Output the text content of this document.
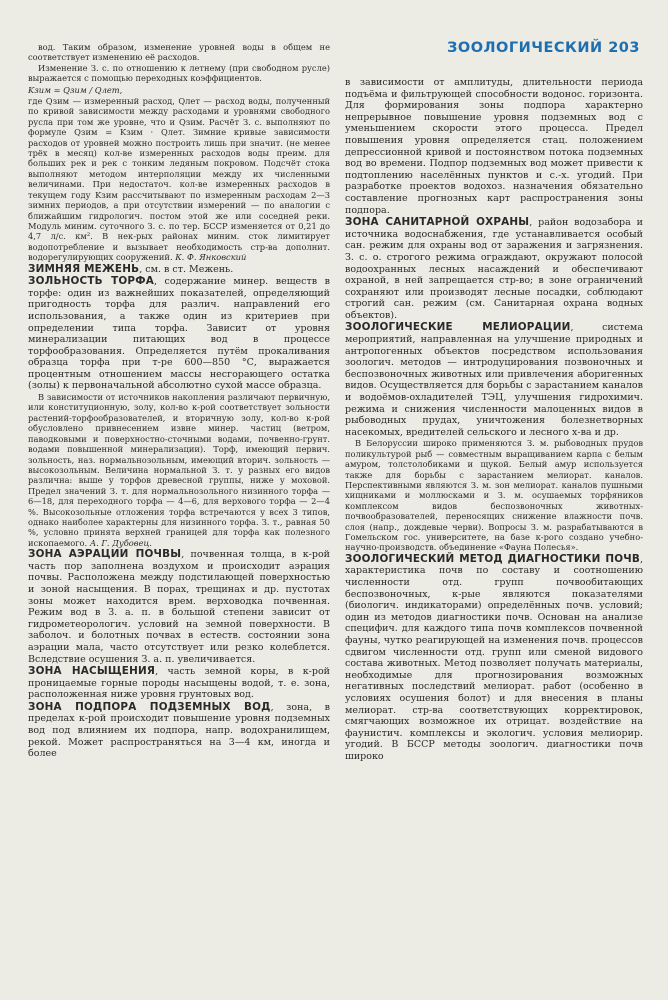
ЗООЛОГИЧЕСКИЙ 203

вод. Таким образом, изменение уровней воды в общем не соответствует изменению её расходов.

Изменение З. с. по отношению к летнему (при свободном русле) выражается с помощью переходных коэффициентов.
Kзим = Qзим / Qлет,
где Qзим — измеренный расход, Qлет — расход воды, полученный по кривой зависимости между расходами и уровнями свободного русла при том же уровне, что и Qзим. Расчёт З. с. выполняют по формуле Qзим = Kзим · Qлет. Зимние кривые зависимости расходов от уровней можно построить лишь при значит. (не менее трёх в месяц) кол-ве измеренных расходов воды преим. для больших рек и рек с тонким ледяным покровом. Подсчёт стока выполняют методом интерполяции между их численными величинами. При недостаточ. кол-ве измеренных расходов в текущем году Kзим рассчитывают по измеренным расходам 2—3 зимних периодов, а при отсутствии измерений — по аналогии с ближайшим гидрологич. постом этой же или соседней реки. Модуль миним. суточного З. с. по тер. БССР изменяется от 0,21 до 4,7 л/с. км². В нек-рых районах миним. сток лимитирует водопотребление и вызывает необходимость стр-ва дополнит. водорегулирующих сооружений. К. Ф. Янковский

ЗИМНЯЯ МЕЖЕНЬ, см. в ст. Межень.

ЗОЛЬНОСТЬ ТОРФА, содержание минер. веществ в торфе: один из важнейших показателей, определяющий пригодность торфа для различ. направлений его использования, а также один из критериев при определении типа торфа. Зависит от уровня минерализации питающих вод в процессе торфообразования. Определяется путём прокаливания образца торфа при т-ре 600—850 °С, выражается процентным отношением массы несгорающего остатка (золы) к первоначальной абсолютно сухой массе образца.

В зависимости от источников накопления различают первичную, или конституционную, золу, кол-во к-рой соответствует зольности растений-торфообразователей, и вторичную золу, кол-во к-рой обусловлено привнесением извне минер. частиц (ветром, паводковыми и поверхностно-сточными водами, почвенно-грунт. водами повышенной минерализации). Торф, имеющий первич. зольность, наз. нормальнозольным, имеющий вторич. зольность — высокозольным. Величина нормальной З. т. у разных его видов различна: выше у торфов древесной группы, ниже у моховой. Предел значений З. т. для нормальнозольного низинного торфа — 6—18, для переходного торфа — 4—6, для верхового торфа — 2—4 %. Высокозольные отложения торфа встречаются у всех 3 типов, однако наиболее характерны для низинного торфа. З. т., равная 50 %, условно принята верхней границей для торфа как полезного ископаемого. А. Г. Дубовец.

ЗОНА АЭРАЦИИ ПОЧВЫ, почвенная толща, в к-рой часть пор заполнена воздухом и происходит аэрация почвы. Расположена между подстилающей поверхностью и зоной насыщения. В порах, трещинах и др. пустотах зоны может находится врем. верховодка почвенная. Режим вод в З. а. п. в большой степени зависит от гидрометеорологич. условий на земной поверхности. В заболоч. и болотных почвах в естеств. состоянии зона аэрации мала, часто отсутствует или резко колеблется. Вследствие осушения З. а. п. увеличивается.

ЗОНА НАСЫЩЕНИЯ, часть земной коры, в к-рой проницаемые горные породы насыщены водой, т. е. зона, расположенная ниже уровня грунтовых вод.

ЗОНА ПОДПОРА ПОДЗЕМНЫХ ВОД, зона, в пределах к-рой происходит повышение уровня подземных вод под влиянием их подпора, напр. водохранилищем, рекой. Может распространяться на 3—4 км, иногда и более

в зависимости от амплитуды, длительности периода подъёма и фильтрующей способности водонос. горизонта. Для формирования зоны подпора характерно непрерывное повышение уровня подземных вод с уменьшением скорости этого процесса. Предел повышения уровня определяется стац. положением депрессионной кривой и постоянством потока подземных вод во времени. Подпор подземных вод может привести к подтоплению населённых пунктов и с.-х. угодий. При разработке проектов водохоз. назначения обязательно составление прогнозных карт распространения зоны подпора.

ЗОНА САНИТАРНОЙ ОХРАНЫ, район водозабора и источника водоснабжения, где устанавливается особый сан. режим для охраны вод от заражения и загрязнения. З. с. о. строгого режима ограждают, окружают полосой водоохранных лесных насаждений и обеспечивают охраной, в ней запрещается стр-во; в зоне ограничений сохраняют или производят лесные посадки, соблюдают строгий сан. режим (см. Санитарная охрана водных объектов).

ЗООЛОГИЧЕСКИЕ МЕЛИОРАЦИИ, система мероприятий, направленная на улучшение природных и антропогенных объектов посредством использования зоологич. методов — интродуцирования позвоночных и беспозвоночных животных или привлечения аборигенных видов. Осуществляется для борьбы с зарастанием каналов и водоёмов-охладителей ТЭЦ, улучшения гидрохимич. режима и снижения численности малоценных видов в рыбоводных прудах, уничтожения болезнетворных насекомых, вредителей сельского и лесного х-ва и др.

В Белоруссии широко применяются З. м. рыбоводных прудов поликультурой рыб — совместным выращиванием карпа с белым амуром, толстолобиками и щукой. Белый амур используется также для борьбы с зарастанием мелиорат. каналов. Перспективными являются З. м. зон мелиорат. каналов пушными хищниками и моллюсками и З. м. осушаемых торфяников комплексом видов беспозвоночных животных-почвообразователей, переносящих снижение влажности почв. слоя (напр., дождевые черви). Вопросы З. м. разрабатываются в Гомельском гос. университете, на базе к-рого создано учебно-научно-производств. объединение «Фауна Полесья».

ЗООЛОГИЧЕСКИЙ МЕТОД ДИАГНОСТИКИ ПОЧВ, характеристика почв по составу и соотношению численности отд. групп почвообитающих беспозвоночных, к-рые являются показателями (биологич. индикаторами) определённых почв. условий; один из методов диагностики почв. Основан на анализе специфич. для каждого типа почв комплексов почвенной фауны, чутко реагирующей на изменения почв. процессов сдвигом численности отд. групп или сменой видового состава животных. Метод позволяет получать материалы, необходимые для прогнозирования возможных негативных последствий мелиорат. работ (особенно в условиях осушения болот) и для внесения в планы мелиорат. стр-ва соответствующих корректировок, смягчающих возможное их отрицат. воздействие на фаунистич. комплексы и экологич. условия мелиорир. угодий. В БССР методы зоологич. диагностики почв широко
